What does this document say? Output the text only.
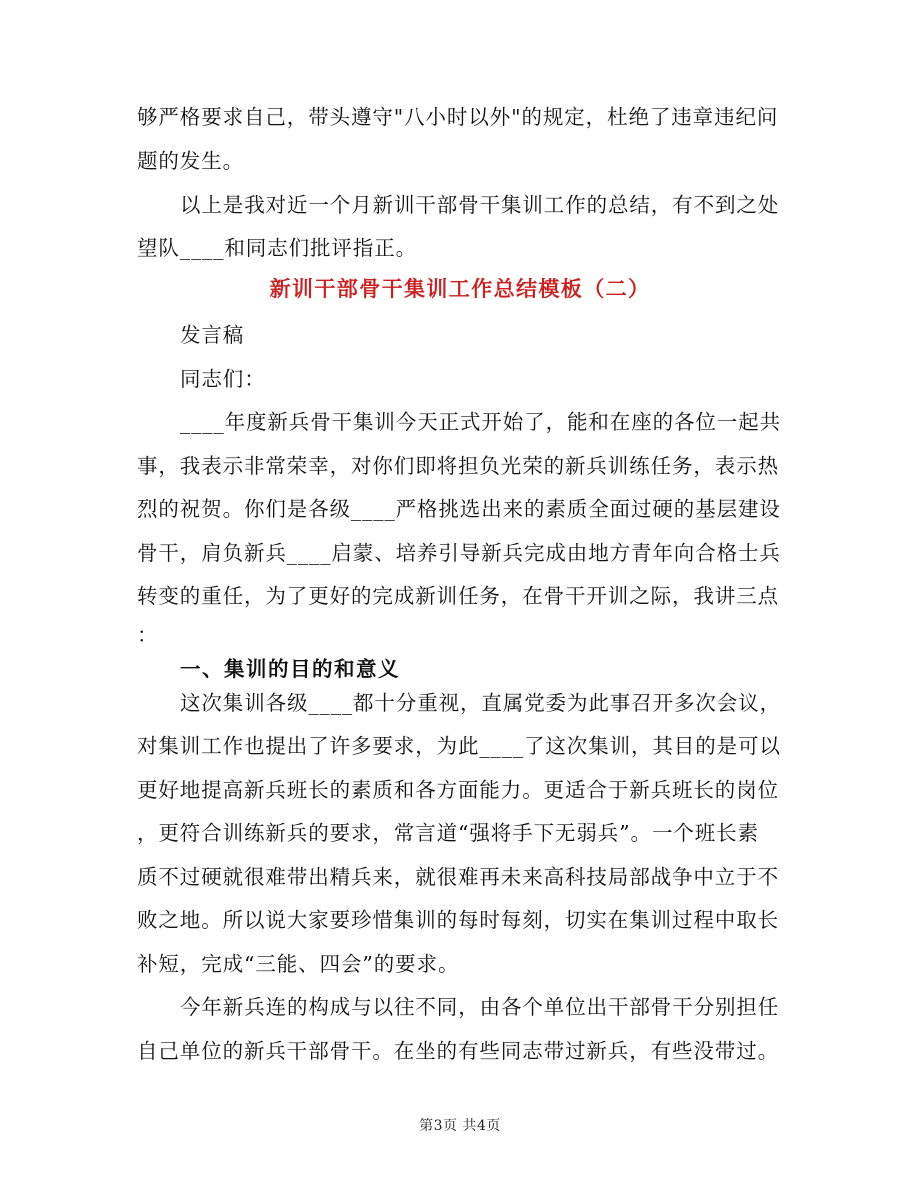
够严格要求自己，带头遵守"八小时以外"的规定，杜绝了违章违纪问
题的发生。
以上是我对近一个月新训干部骨干集训工作的总结，有不到之处
望队____和同志们批评指正。
新训干部骨干集训工作总结模板（二）
发言稿
同志们：
____年度新兵骨干集训今天正式开始了，能和在座的各位一起共
事，我表示非常荣幸，对你们即将担负光荣的新兵训练任务，表示热
烈的祝贺。你们是各级____严格挑选出来的素质全面过硬的基层建设
骨干，肩负新兵____启蒙、培养引导新兵完成由地方青年向合格士兵
转变的重任，为了更好的完成新训任务，在骨干开训之际，我讲三点
：
一、集训的目的和意义
这次集训各级____都十分重视，直属党委为此事召开多次会议，
对集训工作也提出了许多要求，为此____了这次集训，其目的是可以
更好地提高新兵班长的素质和各方面能力。更适合于新兵班长的岗位
，更符合训练新兵的要求，常言道“强将手下无弱兵”。一个班长素
质不过硬就很难带出精兵来，就很难再未来高科技局部战争中立于不
败之地。所以说大家要珍惜集训的每时每刻，切实在集训过程中取长
补短，完成“三能、四会”的要求。
今年新兵连的构成与以往不同，由各个单位出干部骨干分别担任
自己单位的新兵干部骨干。在坐的有些同志带过新兵，有些没带过。
第3页 共4页
